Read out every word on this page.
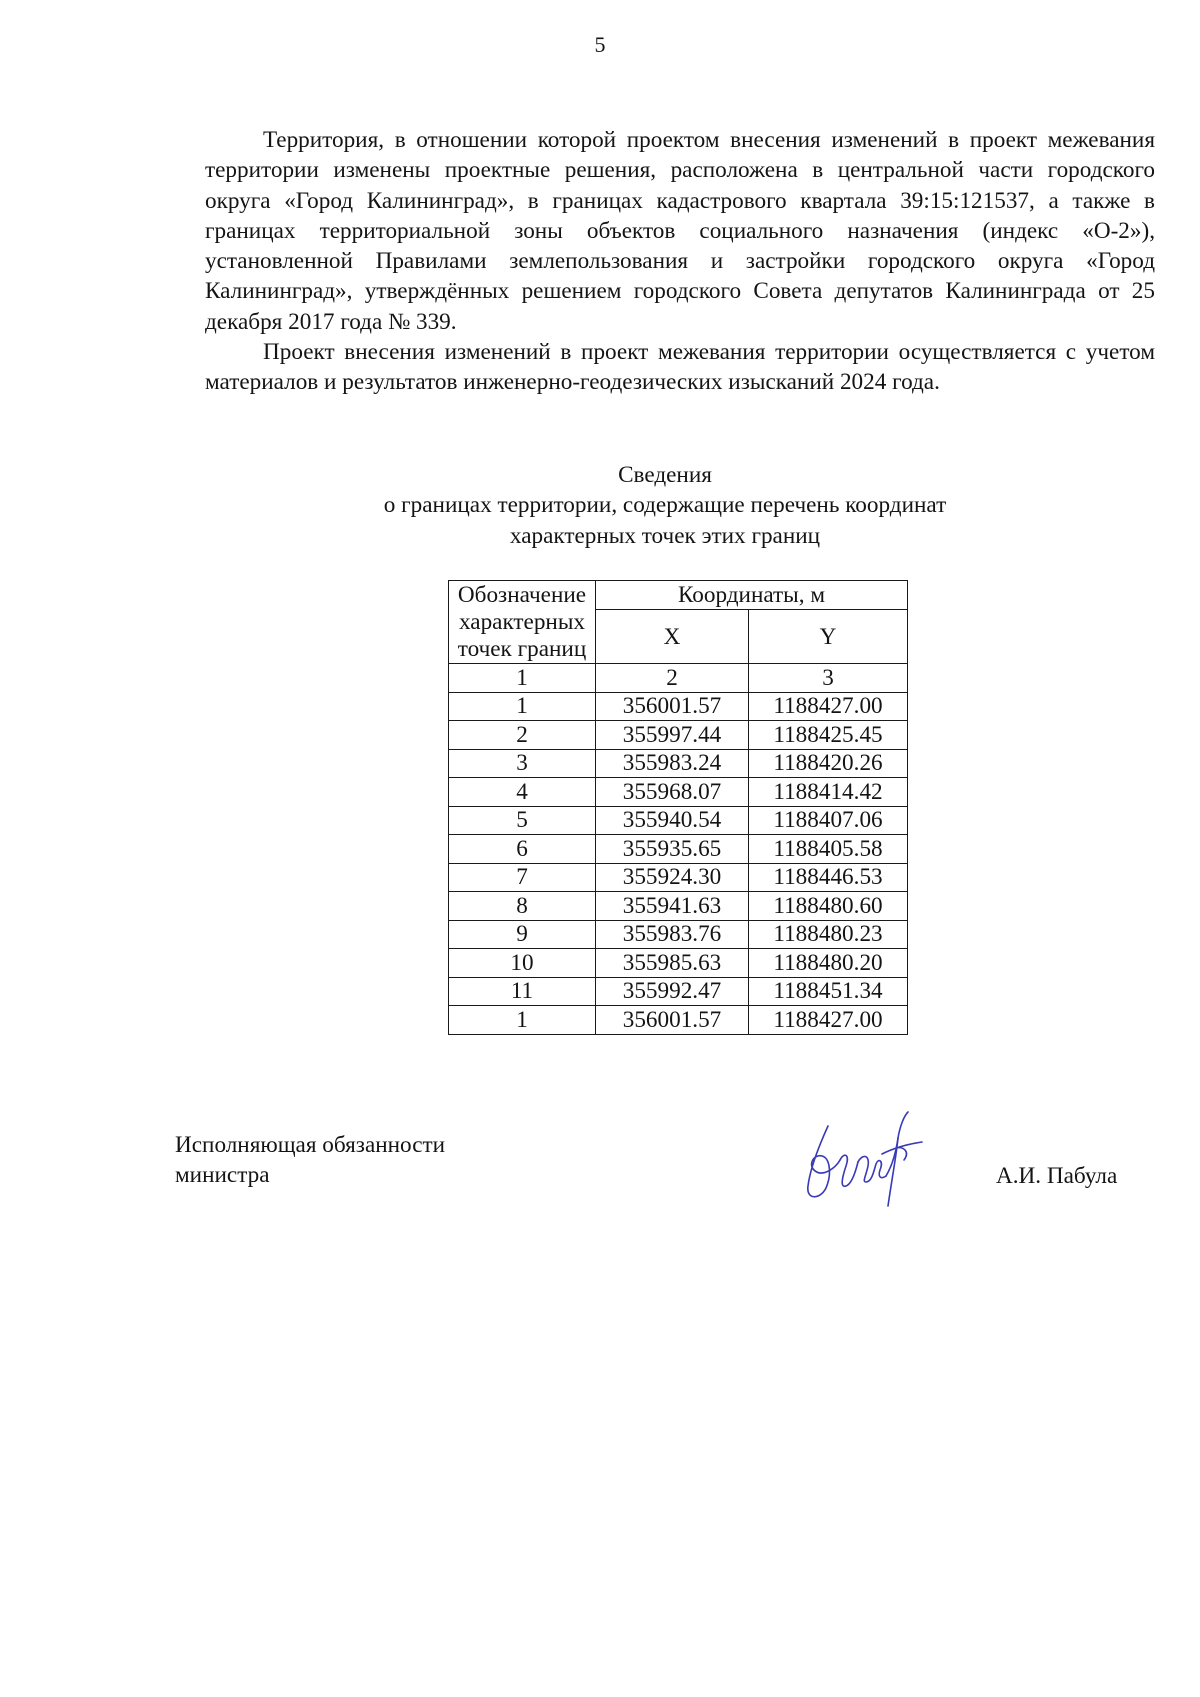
5

Территория, в отношении которой проектом внесения изменений в проект межевания территории изменены проектные решения, расположена в центральной части городского округа «Город Калининград», в границах кадастрового квартала 39:15:121537, а также в границах территориальной зоны объектов социального назначения (индекс «О-2»), установленной Правилами землепользования и застройки городского округа «Город Калининград», утверждённых решением городского Совета депутатов Калининграда от 25 декабря 2017 года № 339.

Проект внесения изменений в проект межевания территории осуществляется с учетом материалов и результатов инженерно-геодезических изысканий 2024 года.

Сведения
о границах территории, содержащие перечень координат
характерных точек этих границ
Обозначение характерных точек границ	Координаты, м	
	X	Y
1	2	3
1	356001.57	1188427.00
2	355997.44	1188425.45
3	355983.24	1188420.26
4	355968.07	1188414.42
5	355940.54	1188407.06
6	355935.65	1188405.58
7	355924.30	1188446.53
8	355941.63	1188480.60
9	355983.76	1188480.23
10	355985.63	1188480.20
11	355992.47	1188451.34
1	356001.57	1188427.00
Исполняющая обязанности
министра	А.И. Пабула
